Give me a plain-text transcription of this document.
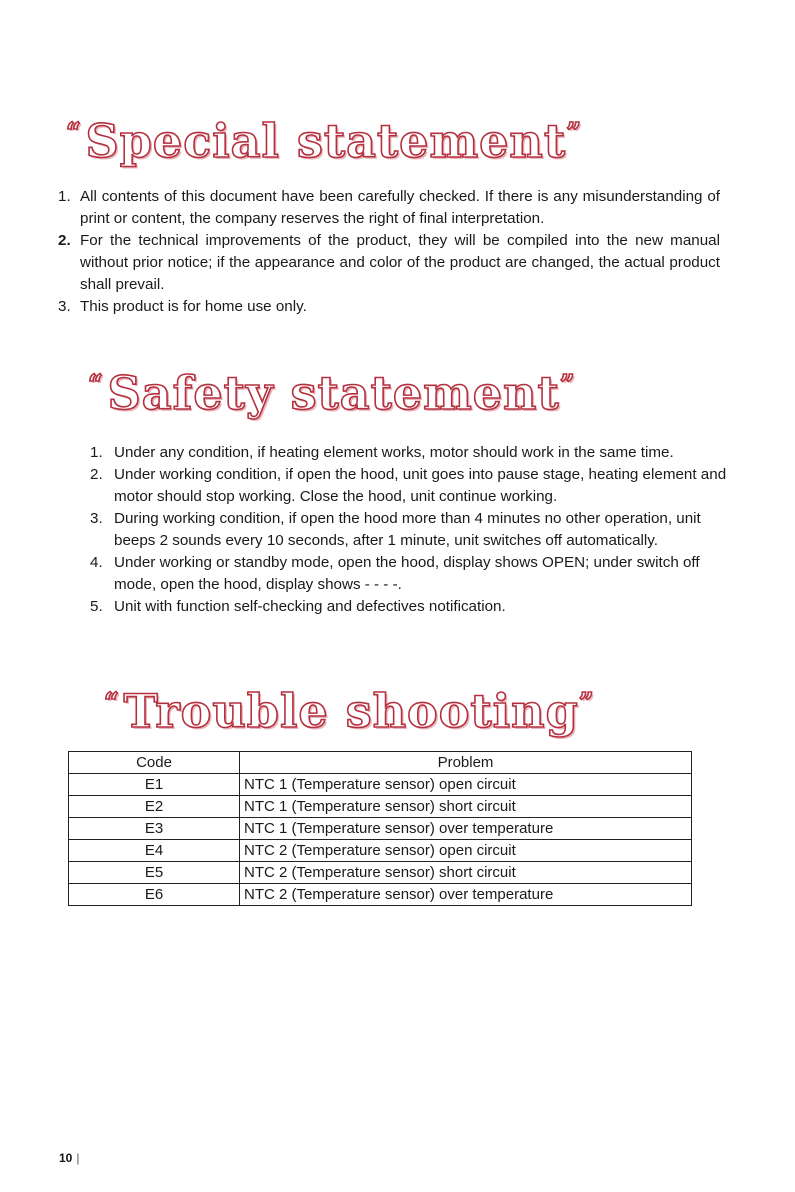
“ Special statement”
1. All contents of this document have been carefully checked. If there is any misunderstanding of print or content, the company reserves the right of final interpretation.
2. For the technical improvements of the product, they will be compiled into the new manual without prior notice; if the appearance and color of the product are changed, the actual product shall prevail.
3. This product is for home use only.
“ Safety statement”
1. Under any condition, if heating element works, motor should work in the same time.
2. Under working condition, if open the hood, unit goes into pause stage, heating element and motor should stop working. Close the hood, unit continue working.
3. During working condition, if open the hood more than 4 minutes no other operation, unit beeps 2 sounds every 10 seconds, after 1 minute, unit switches off automatically.
4. Under working or standby mode, open the hood, display shows OPEN; under switch off mode, open the hood, display shows - - - -.
5. Unit with function self-checking and defectives notification.
“ Trouble shooting”
Code	Problem
E1	NTC 1 (Temperature sensor) open circuit
E2	NTC 1 (Temperature sensor) short circuit
E3	NTC 1 (Temperature sensor) over temperature
E4	NTC 2 (Temperature sensor) open circuit
E5	NTC 2 (Temperature sensor) short circuit
E6	NTC 2 (Temperature sensor) over temperature
10 |
